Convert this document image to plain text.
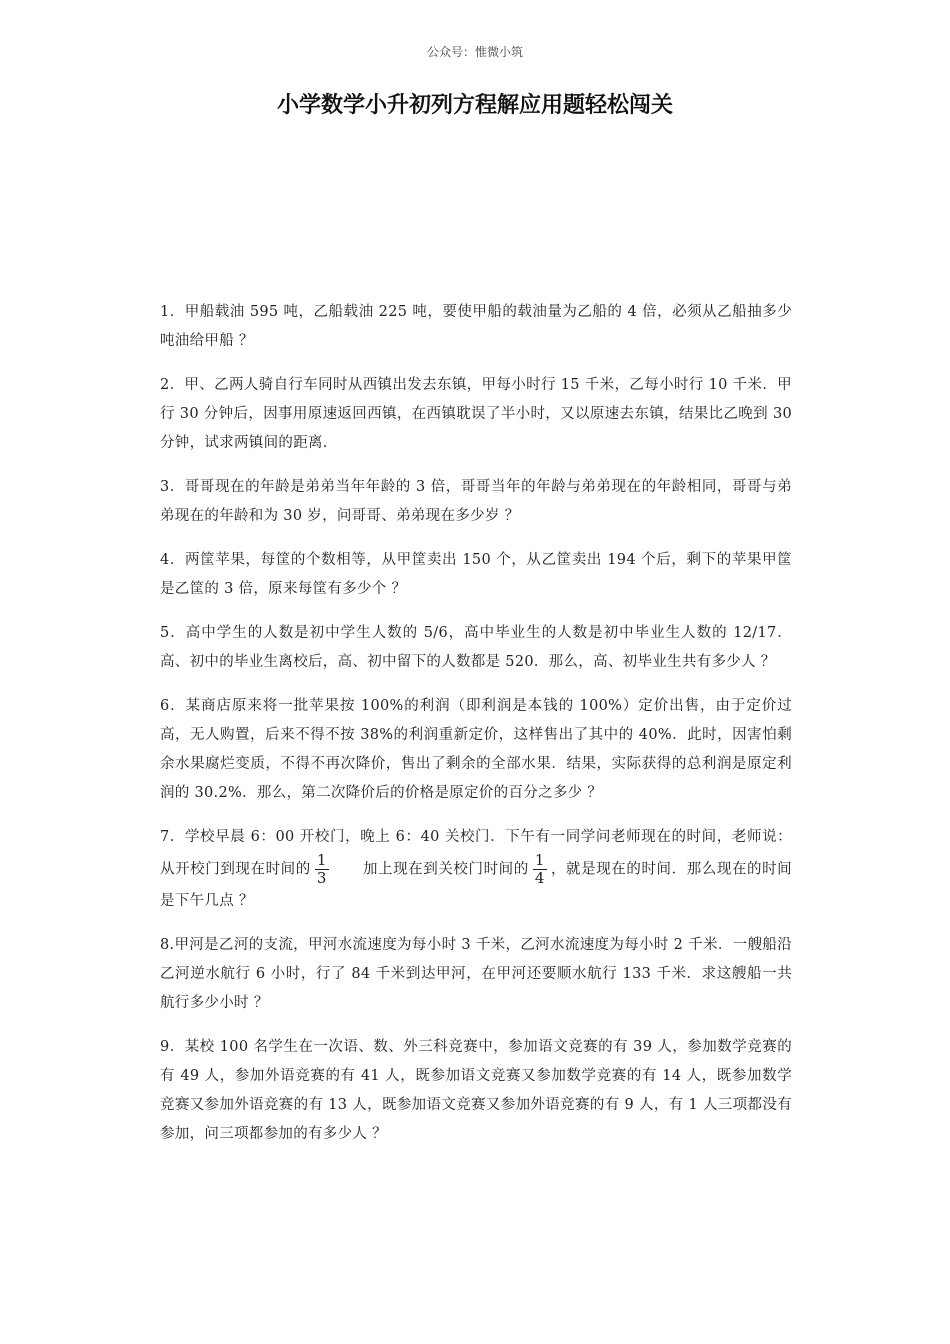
公众号：惟微小筑
小学数学小升初列方程解应用题轻松闯关

1．甲船载油 595 吨，乙船载油 225 吨，要使甲船的载油量为乙船的 4 倍，必须从乙船抽多少吨油给甲船 ？

2．甲、乙两人骑自行车同时从西镇出发去东镇，甲每小时行 15 千米，乙每小时行 10 千米．甲行 30 分钟后，因事用原速返回西镇，在西镇耽误了半小时，又以原速去东镇，结果比乙晚到 30 分钟，试求两镇间的距离．

3．哥哥现在的年龄是弟弟当年年龄的 3 倍，哥哥当年的年龄与弟弟现在的年龄相同，哥哥与弟弟现在的年龄和为 30 岁，问哥哥、弟弟现在多少岁 ？

4．两筐苹果，每筐的个数相等，从甲筐卖出 150 个，从乙筐卖出 194 个后，剩下的苹果甲筐是乙筐的 3 倍，原来每筐有多少个 ？

5．高中学生的人数是初中学生人数的 5/6，高中毕业生的人数是初中毕业生人数的 12/17．高、初中的毕业生离校后，高、初中留下的人数都是 520．那么，高、初毕业生共有多少人 ？

6．某商店原来将一批苹果按 100%的利润（即利润是本钱的 100%）定价出售，由于定价过高，无人购置，后来不得不按 38%的利润重新定价，这样售出了其中的 40%．此时，因害怕剩余水果腐烂变质，不得不再次降价，售出了剩余的全部水果．结果，实际获得的总利润是原定利润的 30.2%．那么，第二次降价后的价格是原定价的百分之多少 ？

7．学校早晨 6：00 开校门，晚上 6：40 关校门．下午有一同学问老师现在的时间，老师说：从开校门到现在时间的 $\frac{1}{3}$ 加上现在到关校门时间的 $\frac{1}{4}$ ，就是现在的时间．那么现在的时间是下午几点 ？

8.甲河是乙河的支流，甲河水流速度为每小时 3 千米，乙河水流速度为每小时 2 千米．一艘船沿乙河逆水航行 6 小时，行了 84 千米到达甲河，在甲河还要顺水航行 133 千米．求这艘船一共航行多少小时 ？

9．某校 100 名学生在一次语、数、外三科竞赛中，参加语文竞赛的有 39 人，参加数学竞赛的有 49 人，参加外语竞赛的有 41 人，既参加语文竞赛又参加数学竞赛的有 14 人，既参加数学竞赛又参加外语竞赛的有 13 人，既参加语文竞赛又参加外语竞赛的有 9 人，有 1 人三项都没有参加，问三项都参加的有多少人 ？
